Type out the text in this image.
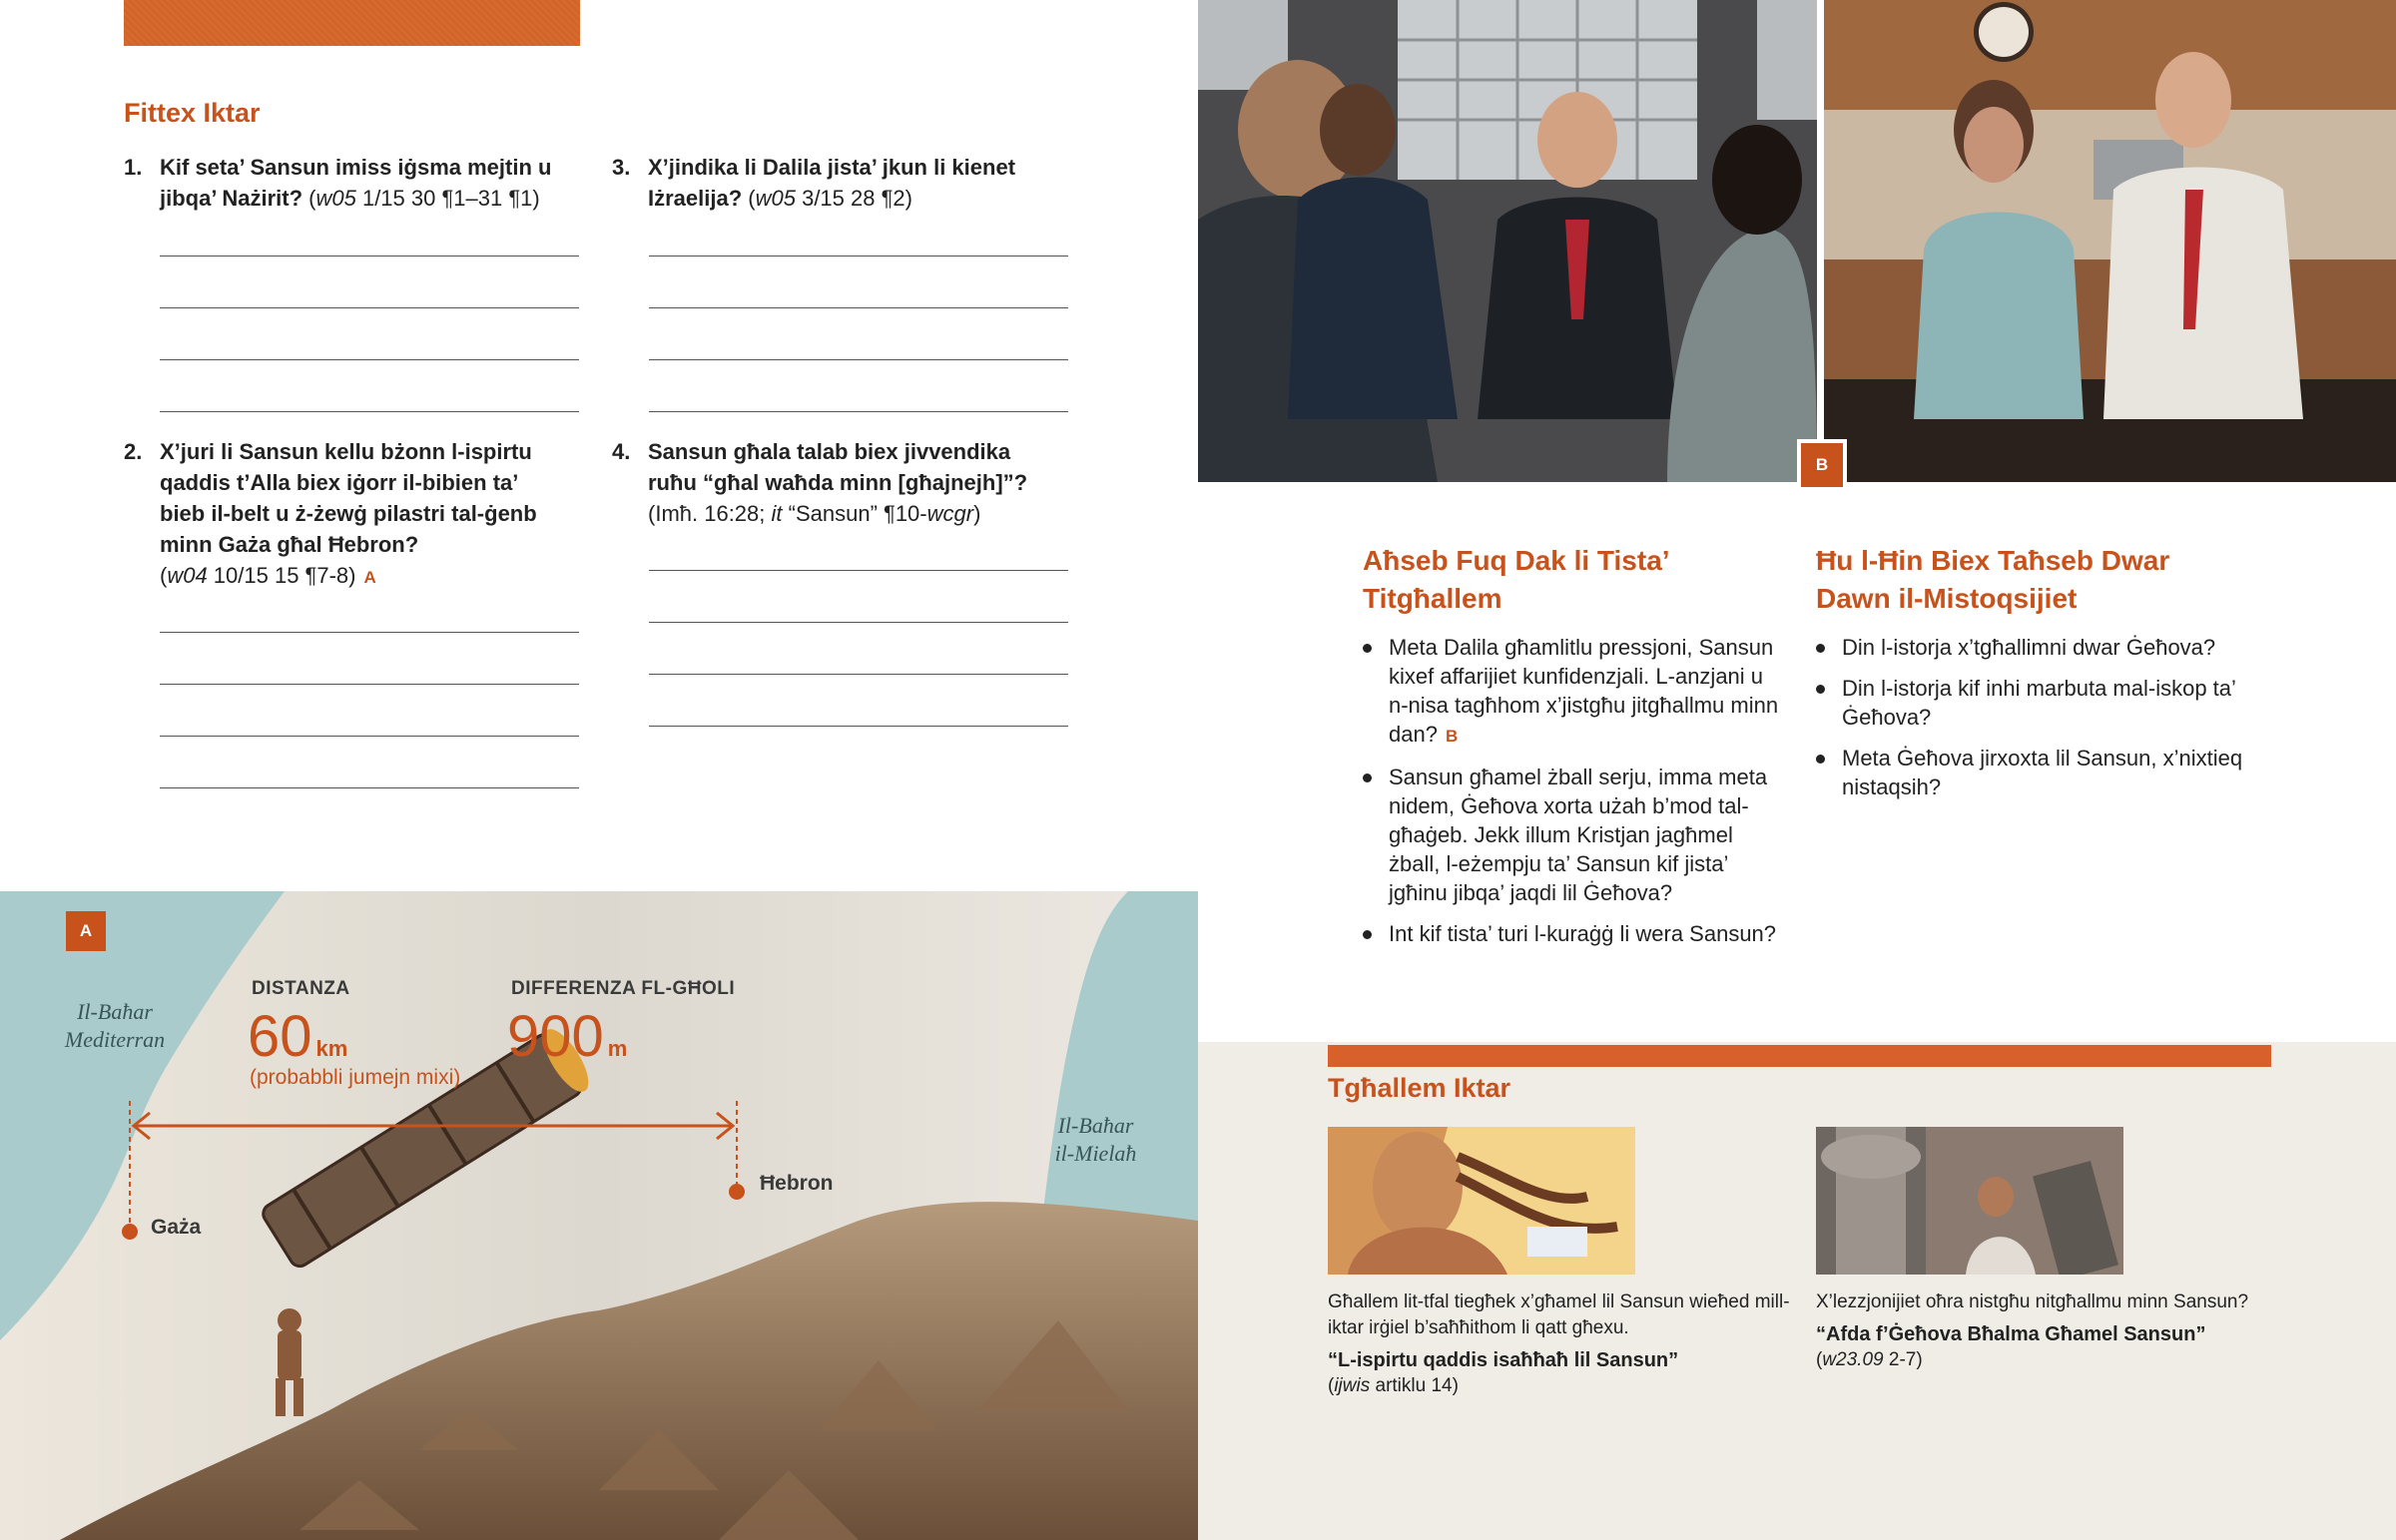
Fittex Iktar
1. Kif seta’ Sansun imiss iġsma mejtin u jibqa’ Nażirit? (w05 1/15 30 ¶1–31 ¶1)
2. X’juri li Sansun kellu bżonn l-ispirtu qaddis t’Alla biex iġorr il-bibien ta’ bieb il-belt u ż-żewġ pilastri tal-ġenb minn Gaża għal Ħebron?
(w04 10/15 15 ¶7-8) A
3. X’jindika li Dalila jista’ jkun li kienet Iżraelija? (w05 3/15 28 ¶2)
4. Sansun għala talab biex jivvendika ruħu “għal waħda minn [għajnejh]”?
(Imħ. 16:28; it “Sansun” ¶10-wcgr)
A
Il-Baħar
Mediterran
Il-Baħar
il-Mielaħ
DISTANZA
60 km
(probabbli jumejn mixi)
DIFFERENZA FL-GĦOLI
900 m
Gaża
Ħebron
B
Aħseb Fuq Dak li Tista’ Titgħallem
Meta Dalila għamlitlu pressjoni, Sansun kixef affarijiet kunfidenzjali. L-anzjani u n-nisa tagħhom x’jistgħu jitgħallmu minn dan? B
Sansun għamel żball serju, imma meta nidem, Ġeħova xorta użah b’mod tal-għaġeb. Jekk illum Kristjan jagħmel żball, l-eżempju ta’ Sansun kif jista’ jgħinu jibqa’ jaqdi lil Ġeħova?
Int kif tista’ turi l-kuraġġ li wera Sansun?
Ħu l-Ħin Biex Taħseb Dwar Dawn il-Mistoqsijiet
Din l-istorja x’tgħallimni dwar Ġeħova?
Din l-istorja kif inhi marbuta mal-iskop ta’ Ġeħova?
Meta Ġeħova jirxoxta lil Sansun, x’nixtieq nistaqsih?
Tgħallem Iktar
Għallem lit-tfal tiegħek x’għamel lil Sansun wieħed mill-iktar irġiel b’saħħithom li qatt għexu.
“L-ispirtu qaddis isaħħaħ lil Sansun”
(ijwis artiklu 14)
X’lezzjonijiet oħra nistgħu nitgħallmu minn Sansun?
“Afda f’Ġeħova Bħalma Għamel Sansun”
(w23.09 2-7)
